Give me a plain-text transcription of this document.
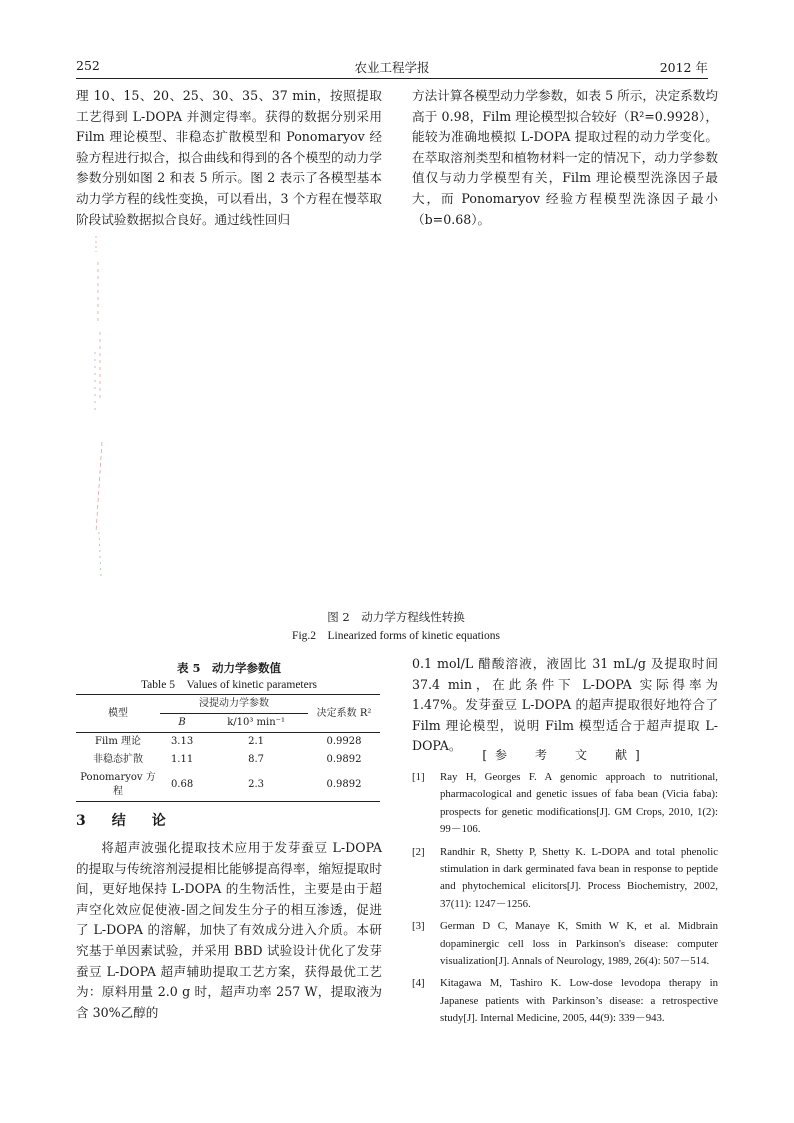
252	农业工程学报	2012 年

理 10、15、20、25、30、35、37 min，按照提取工艺得到 L-DOPA 并测定得率。获得的数据分别采用 Film 理论模型、非稳态扩散模型和 Ponomaryov 经验方程进行拟合，拟合曲线和得到的各个模型的动力学参数分别如图 2 和表 5 所示。图 2 表示了各模型基本动力学方程的线性变换，可以看出，3 个方程在慢萃取阶段试验数据拟合良好。通过线性回归

方法计算各模型动力学参数，如表 5 所示，决定系数均高于 0.98，Film 理论模型拟合较好（R²=0.9928），能较为准确地模拟 L-DOPA 提取过程的动力学变化。在萃取溶剂类型和植物材料一定的情况下，动力学参数值仅与动力学模型有关，Film 理论模型洗涤因子最大，而 Ponomaryov 经验方程模型洗涤因子最小（b=0.68）。

图 2　动力学方程线性转换
Fig.2　Linearized forms of kinetic equations
表 5　动力学参数值
Table 5　Values of kinetic parameters
模型	浸提动力学参数		决定系数 R²
	B	k/10³ min⁻¹	
Film 理论	3.13	2.1	0.9928
非稳态扩散	1.11	8.7	0.9892
Ponomaryov 方程	0.68	2.3	0.9892
3　结　论

将超声波强化提取技术应用于发芽蚕豆 L-DOPA 的提取与传统溶剂浸提相比能够提高得率，缩短提取时间，更好地保持 L-DOPA 的生物活性，主要是由于超声空化效应促使液-固之间发生分子的相互渗透，促进了 L-DOPA 的溶解，加快了有效成分进入介质。本研究基于单因素试验，并采用 BBD 试验设计优化了发芽蚕豆 L-DOPA 超声辅助提取工艺方案，获得最优工艺为：原料用量 2.0 g 时，超声功率 257 W，提取液为含 30%乙醇的

0.1 mol/L 醋酸溶液，液固比 31 mL/g 及提取时间 37.4 min，在此条件下 L-DOPA 实际得率为 1.47%。发芽蚕豆 L-DOPA 的超声提取很好地符合了 Film 理论模型，说明 Film 模型适合于超声提取 L-DOPA。

[参　考　文　献]
[1]	Ray H, Georges F. A genomic approach to nutritional, pharmacological and genetic issues of faba bean (Vicia faba): prospects for genetic modifications[J]. GM Crops, 2010, 1(2): 99－106.
[2]	Randhir R, Shetty P, Shetty K. L-DOPA and total phenolic stimulation in dark germinated fava bean in response to peptide and phytochemical elicitors[J]. Process Biochemistry, 2002, 37(11): 1247－1256.
[3]	German D C, Manaye K, Smith W K, et al. Midbrain dopaminergic cell loss in Parkinson's disease: computer visualization[J]. Annals of Neurology, 1989, 26(4): 507－514.
[4]	Kitagawa M, Tashiro K. Low-dose levodopa therapy in Japanese patients with Parkinson’s disease: a retrospective study[J]. Internal Medicine, 2005, 44(9): 339－943.
